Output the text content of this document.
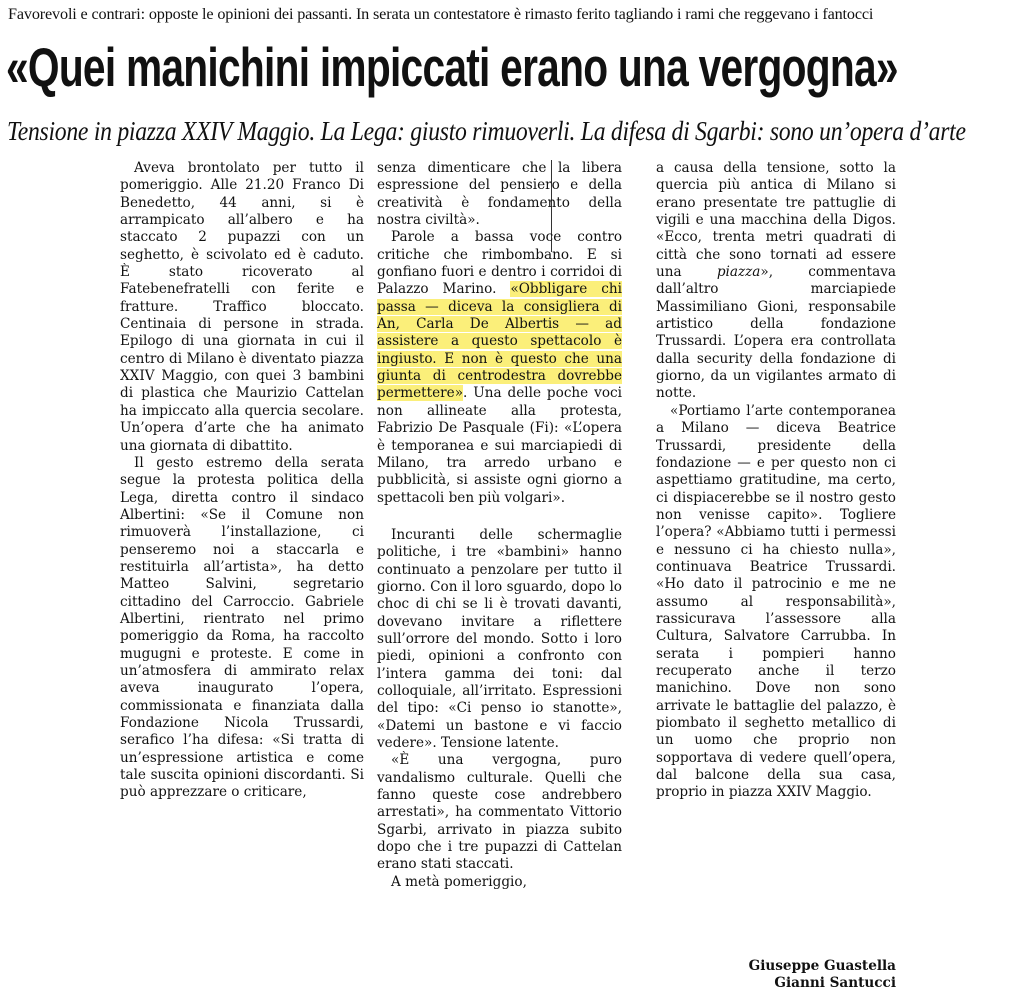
Favorevoli e contrari: opposte le opinioni dei passanti. In serata un contestatore è rimasto ferito tagliando i rami che reggevano i fantocci
«Quei manichini impiccati erano una vergogna»
Tensione in piazza XXIV Maggio. La Lega: giusto rimuoverli. La difesa di Sgarbi: sono un’opera d’arte

Aveva brontolato per tutto il pomeriggio. Alle 21.20 Franco Di Benedetto, 44 anni, si è arrampicato all’albero e ha staccato 2 pupazzi con un seghetto, è scivolato ed è caduto. È stato ricoverato al Fatebenefratelli con ferite e fratture. Traffico bloccato. Centinaia di persone in strada. Epilogo di una giornata in cui il centro di Milano è diventato piazza XXIV Maggio, con quei 3 bambini di plastica che Maurizio Cattelan ha impiccato alla quercia secolare. Un’opera d’arte che ha animato una giornata di dibattito.

Il gesto estremo della serata segue la protesta politica della Lega, diretta contro il sindaco Albertini: «Se il Comune non rimuoverà l’installazione, ci penseremo noi a staccarla e restituirla all’artista», ha detto Matteo Salvini, segretario cittadino del Carroccio. Gabriele Albertini, rientrato nel primo pomeriggio da Roma, ha raccolto mugugni e proteste. E come in un’atmosfera di ammirato relax aveva inaugurato l’opera, commissionata e finanziata dalla Fondazione Nicola Trussardi, serafico l’ha difesa: «Si tratta di un’espressione artistica e come tale suscita opinioni discordanti. Si può apprezzare o criticare,

senza dimenticare che la libera espressione del pensiero e della creatività è fondamento della nostra civiltà».

Parole a bassa voce contro critiche che rimbombano. E si gonfiano fuori e dentro i corridoi di Palazzo Marino. «Obbligare chi passa — diceva la consigliera di An, Carla De Albertis — ad assistere a questo spettacolo è ingiusto. E non è questo che una giunta di centrodestra dovrebbe permettere». Una delle poche voci non allineate alla protesta, Fabrizio De Pasquale (Fi): «L’opera è temporanea e sui marciapiedi di Milano, tra arredo urbano e pubblicità, si assiste ogni giorno a spettacoli ben più volgari».

Incuranti delle schermaglie politiche, i tre «bambini» hanno continuato a penzolare per tutto il giorno. Con il loro sguardo, dopo lo choc di chi se li è trovati davanti, dovevano invitare a riflettere sull’orrore del mondo. Sotto i loro piedi, opinioni a confronto con l’intera gamma dei toni: dal colloquiale, all’irritato. Espressioni del tipo: «Ci penso io stanotte», «Datemi un bastone e vi faccio vedere». Tensione latente.

«È una vergogna, puro vandalismo culturale. Quelli che fanno queste cose andrebbero arrestati», ha commentato Vittorio Sgarbi, arrivato in piazza subito dopo che i tre pupazzi di Cattelan erano stati staccati.

A metà pomeriggio,

a causa della tensione, sotto la quercia più antica di Milano si erano presentate tre pattuglie di vigili e una macchina della Digos. «Ecco, trenta metri quadrati di città che sono tornati ad essere una piazza», commentava dall’altro marciapiede Massimiliano Gioni, responsabile artistico della fondazione Trussardi. L’opera era controllata dalla security della fondazione di giorno, da un vigilantes armato di notte.

«Portiamo l’arte contemporanea a Milano — diceva Beatrice Trussardi, presidente della fondazione — e per questo non ci aspettiamo gratitudine, ma certo, ci dispiacerebbe se il nostro gesto non venisse capito». Togliere l’opera? «Abbiamo tutti i permessi e nessuno ci ha chiesto nulla», continuava Beatrice Trussardi. «Ho dato il patrocinio e me ne assumo al responsabilità», rassicurava l’assessore alla Cultura, Salvatore Carrubba. In serata i pompieri hanno recuperato anche il terzo manichino. Dove non sono arrivate le battaglie del palazzo, è piombato il seghetto metallico di un uomo che proprio non sopportava di vedere quell’opera, dal balcone della sua casa, proprio in piazza XXIV Maggio.

Giuseppe Guastella
Gianni Santucci
